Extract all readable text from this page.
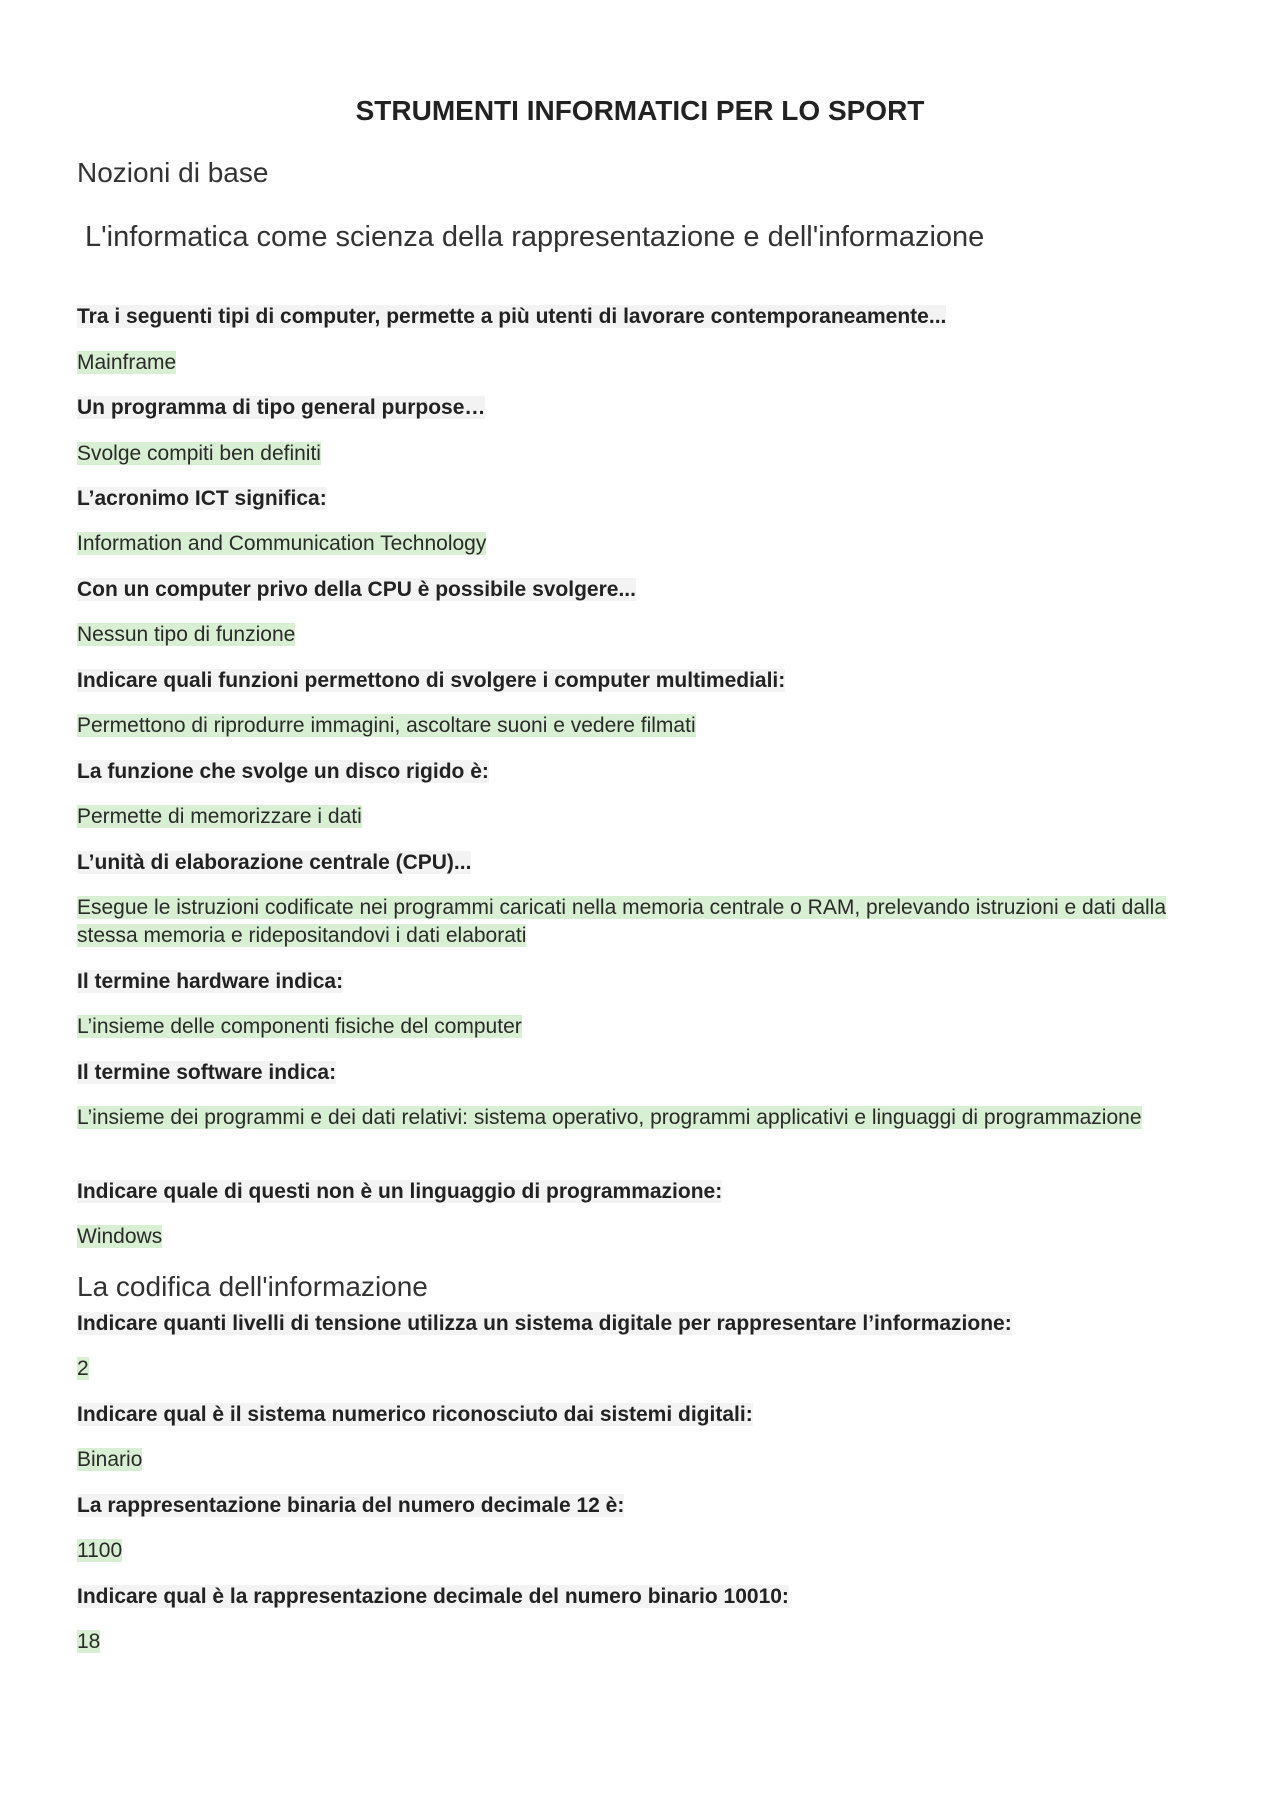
STRUMENTI INFORMATICI PER LO SPORT
Nozioni di base
L'informatica come scienza della rappresentazione e dell'informazione
Tra i seguenti tipi di computer, permette a più utenti di lavorare contemporaneamente...
Mainframe
Un programma di tipo general purpose…
Svolge compiti ben definiti
L’acronimo ICT significa:
Information and Communication Technology
Con un computer privo della CPU è possibile svolgere...
Nessun tipo di funzione
Indicare quali funzioni permettono di svolgere i computer multimediali:
Permettono di riprodurre immagini, ascoltare suoni e vedere filmati
La funzione che svolge un disco rigido è:
Permette di memorizzare i dati
L’unità di elaborazione centrale (CPU)...
Esegue le istruzioni codificate nei programmi caricati nella memoria centrale o RAM, prelevando istruzioni e dati dalla stessa memoria e ridepositandovi i dati elaborati
Il termine hardware indica:
L’insieme delle componenti fisiche del computer
Il termine software indica:
L’insieme dei programmi e dei dati relativi: sistema operativo, programmi applicativi e linguaggi di programmazione
Indicare quale di questi non è un linguaggio di programmazione:
Windows
La codifica dell'informazione
Indicare quanti livelli di tensione utilizza un sistema digitale per rappresentare l’informazione:
2
Indicare qual è il sistema numerico riconosciuto dai sistemi digitali:
Binario
La rappresentazione binaria del numero decimale 12 è:
1100
Indicare qual è la rappresentazione decimale del numero binario 10010:
18
